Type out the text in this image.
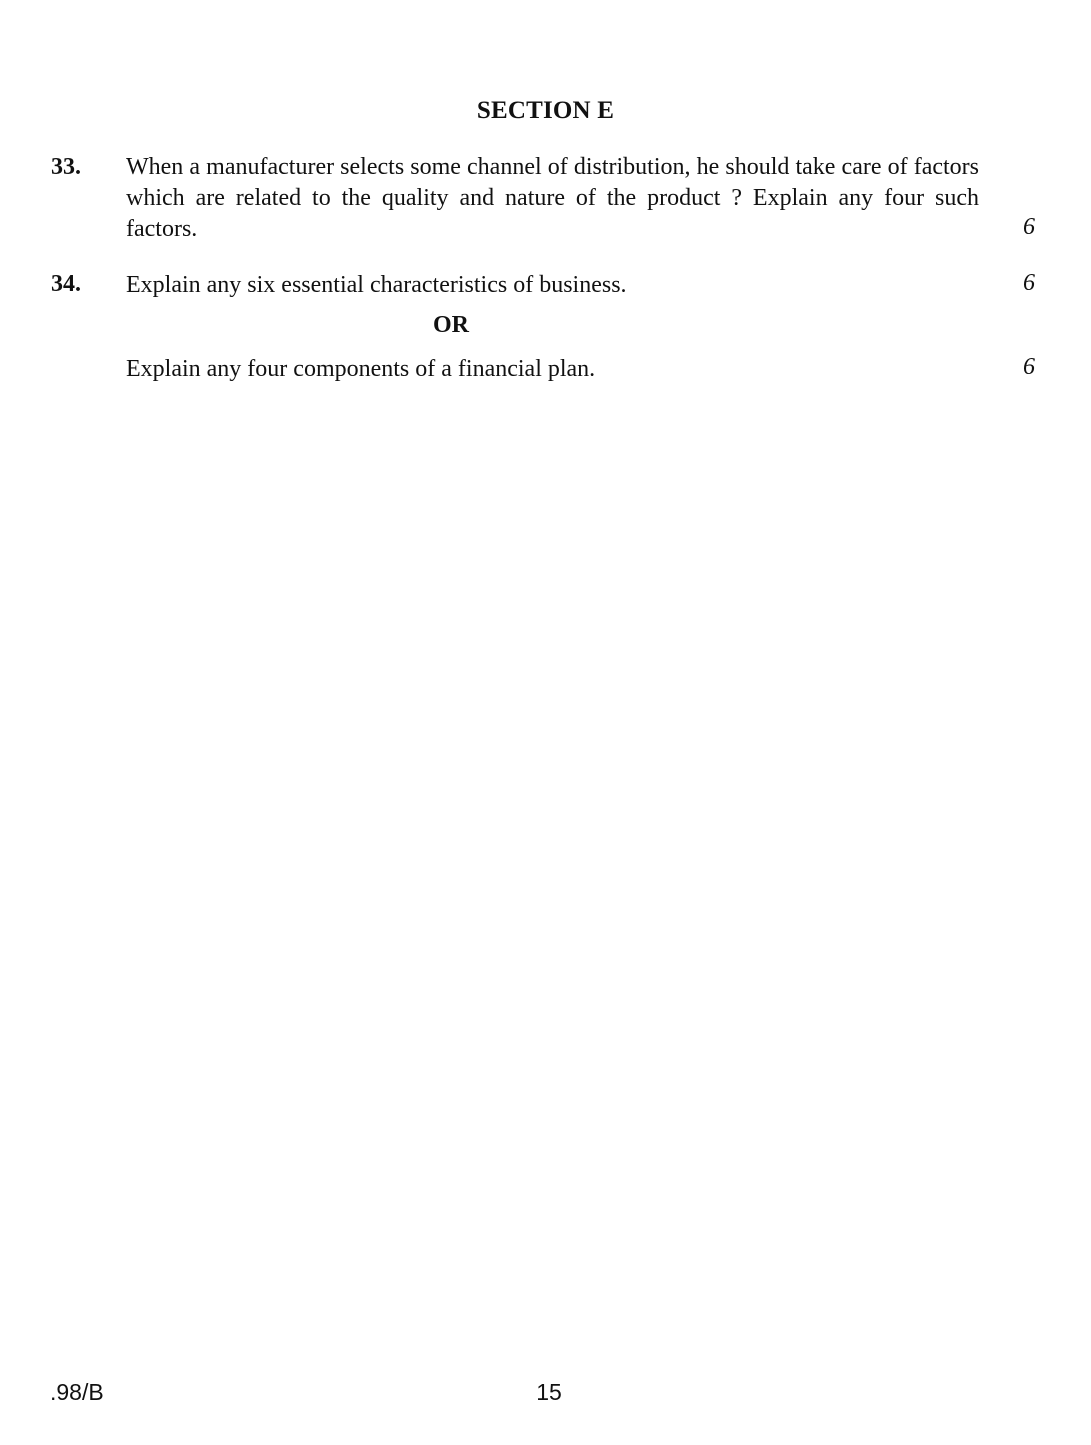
SECTION E
33. When a manufacturer selects some channel of distribution, he should take care of factors which are related to the quality and nature of the product ? Explain any four such factors.	6
34. Explain any six essential characteristics of business.	6
OR
Explain any four components of a financial plan.	6
.98/B	15
